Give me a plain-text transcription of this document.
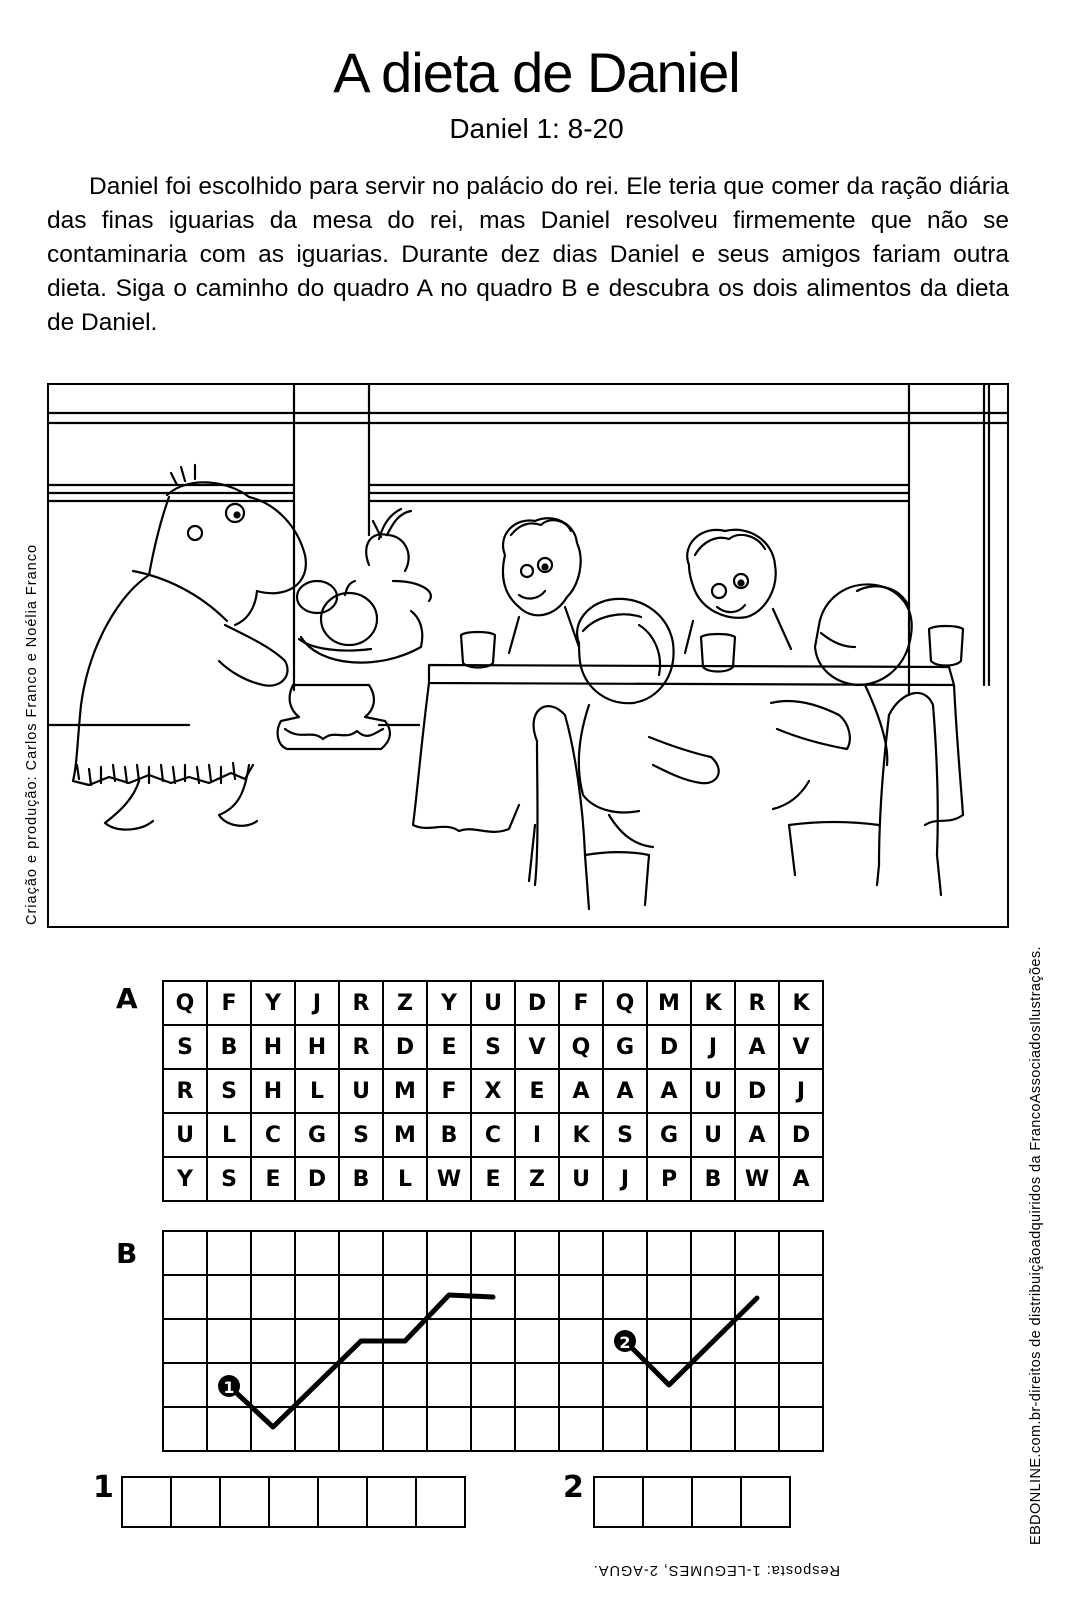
A dieta de Daniel
Daniel 1: 8-20

Daniel foi escolhido para servir no palácio do rei. Ele teria que comer da ração diária das finas iguarias da mesa do rei, mas Daniel resolveu firmemente que não se contaminaria com as iguarias. Durante dez dias Daniel e seus amigos fariam outra dieta. Siga o caminho do quadro A no quadro B e descubra os dois alimentos da dieta de Daniel.

Criação e produção: Carlos Franco e Noélia Franco
EBDONLINE.com.br-direitos de distribuiçãoadquiridos da FrancoAssociadosIlustrações.
A Q	F	Y	J	R	Z	Y	U	D	F	Q	M	K	R	K
S	B	H	H	R	D	E	S	V	Q	G	D	J	A	V
R	S	H	L	U	M	F	X	E	A	A	A	U	D	J
U	L	C	G	S	M	B	C	I	K	S	G	U	A	D
Y	S	E	D	B	L	W	E	Z	U	J	P	B	W	A
B

1
2
1	2
Resposta: 1-LEGUMES, 2-AGUA.
